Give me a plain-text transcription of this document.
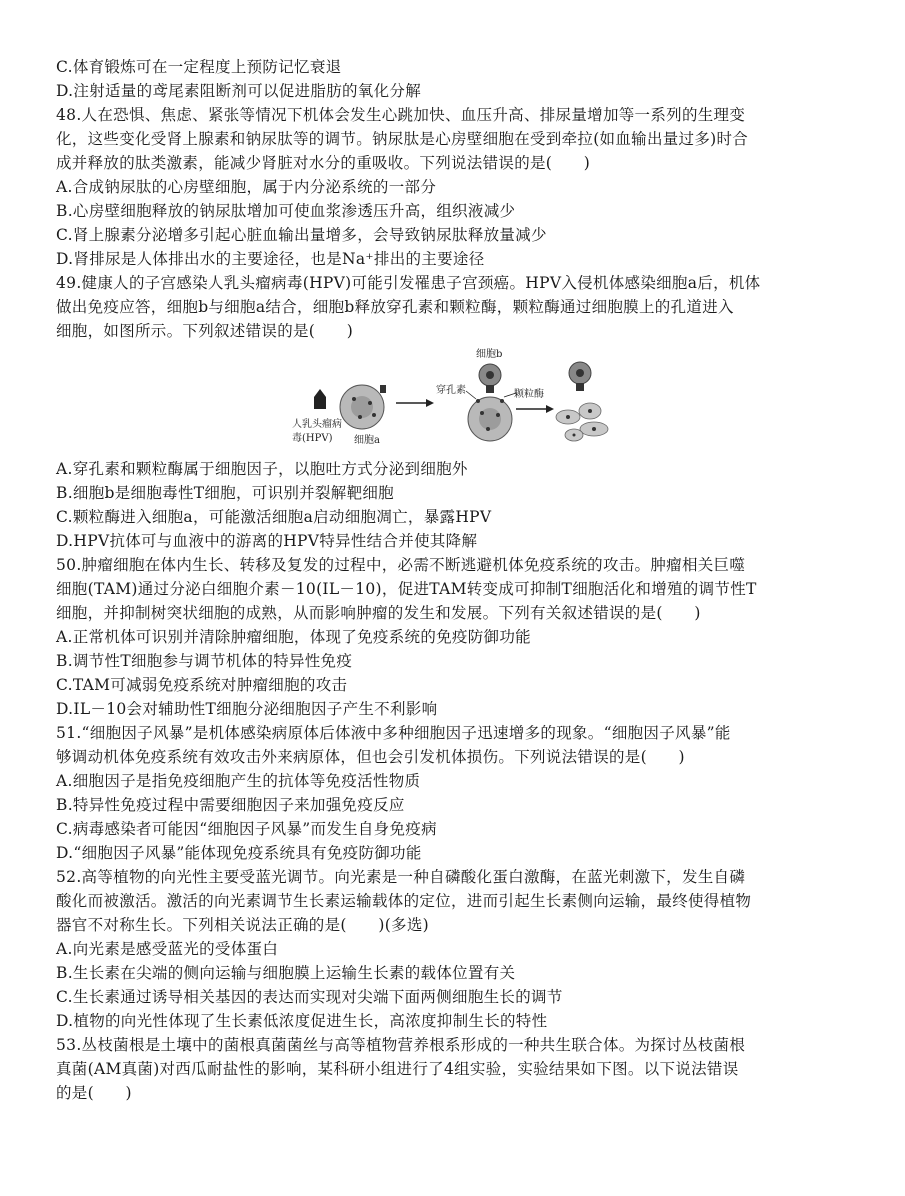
C.体育锻炼可在一定程度上预防记忆衰退
D.注射适量的鸢尾素阻断剂可以促进脂肪的氧化分解
48.人在恐惧、焦虑、紧张等情况下机体会发生心跳加快、血压升高、排尿量增加等一系列的生理变
化，这些变化受肾上腺素和钠尿肽等的调节。钠尿肽是心房壁细胞在受到牵拉(如血输出量过多)时合
成并释放的肽类激素，能减少肾脏对水分的重吸收。下列说法错误的是(　　)
A.合成钠尿肽的心房壁细胞，属于内分泌系统的一部分
B.心房壁细胞释放的钠尿肽增加可使血浆渗透压升高，组织液减少
C.肾上腺素分泌增多引起心脏血输出量增多，会导致钠尿肽释放量减少
D.肾排尿是人体排出水的主要途径，也是Na⁺排出的主要途径
49.健康人的子宫感染人乳头瘤病毒(HPV)可能引发罹患子宫颈癌。HPV入侵机体感染细胞a后，机体
做出免疫应答，细胞b与细胞a结合，细胞b释放穿孔素和颗粒酶，颗粒酶通过细胞膜上的孔道进入
细胞，如图所示。下列叙述错误的是(　　)
人乳头瘤病
毒(HPV) 细胞a
穿孔素
细胞b
颗粒酶
A.穿孔素和颗粒酶属于细胞因子，以胞吐方式分泌到细胞外
B.细胞b是细胞毒性T细胞，可识别并裂解靶细胞
C.颗粒酶进入细胞a，可能激活细胞a启动细胞凋亡，暴露HPV
D.HPV抗体可与血液中的游离的HPV特异性结合并使其降解
50.肿瘤细胞在体内生长、转移及复发的过程中，必需不断逃避机体免疫系统的攻击。肿瘤相关巨噬
细胞(TAM)通过分泌白细胞介素－10(IL－10)，促进TAM转变成可抑制T细胞活化和增殖的调节性T
细胞，并抑制树突状细胞的成熟，从而影响肿瘤的发生和发展。下列有关叙述错误的是(　　)
A.正常机体可识别并清除肿瘤细胞，体现了免疫系统的免疫防御功能
B.调节性T细胞参与调节机体的特异性免疫
C.TAM可减弱免疫系统对肿瘤细胞的攻击
D.IL－10会对辅助性T细胞分泌细胞因子产生不利影响
51.“细胞因子风暴”是机体感染病原体后体液中多种细胞因子迅速增多的现象。“细胞因子风暴”能
够调动机体免疫系统有效攻击外来病原体，但也会引发机体损伤。下列说法错误的是(　　)
A.细胞因子是指免疫细胞产生的抗体等免疫活性物质
B.特异性免疫过程中需要细胞因子来加强免疫反应
C.病毒感染者可能因“细胞因子风暴”而发生自身免疫病
D.“细胞因子风暴”能体现免疫系统具有免疫防御功能
52.高等植物的向光性主要受蓝光调节。向光素是一种自磷酸化蛋白激酶，在蓝光刺激下，发生自磷
酸化而被激活。激活的向光素调节生长素运输载体的定位，进而引起生长素侧向运输，最终使得植物
器官不对称生长。下列相关说法正确的是(　　)(多选)
A.向光素是感受蓝光的受体蛋白
B.生长素在尖端的侧向运输与细胞膜上运输生长素的载体位置有关
C.生长素通过诱导相关基因的表达而实现对尖端下面两侧细胞生长的调节
D.植物的向光性体现了生长素低浓度促进生长，高浓度抑制生长的特性
53.丛枝菌根是土壤中的菌根真菌菌丝与高等植物营养根系形成的一种共生联合体。为探讨丛枝菌根
真菌(AM真菌)对西瓜耐盐性的影响，某科研小组进行了4组实验，实验结果如下图。以下说法错误
的是(　　)
